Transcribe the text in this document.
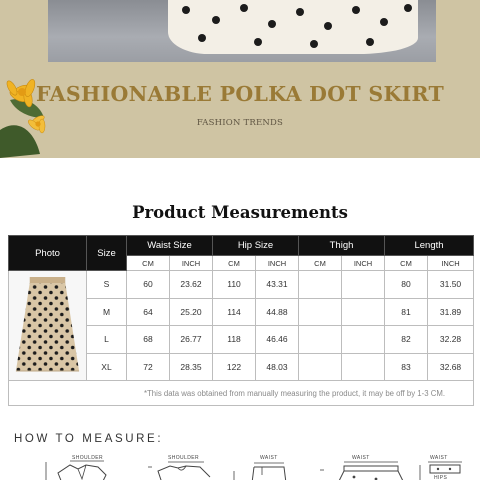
FASHIONABLE POLKA DOT SKIRT
FASHION TRENDS
Product Measurements
Photo	Size	Waist Size		Hip Size		Thigh		Length	
		CM	INCH	CM	INCH	CM	INCH	CM	INCH

	S	60	23.62	110	43.31			80	31.50
	M	64	25.20	114	44.88			81	31.89
	L	68	26.77	118	46.46			82	32.28
	XL	72	28.35	122	48.03			83	32.68
*This data was obtained from manually measuring the product, it may be off by 1-3 CM.									
HOW TO MEASURE:
SHOULDER	SHOULDER	WAIST	WAIST	WAIST
HIPS
